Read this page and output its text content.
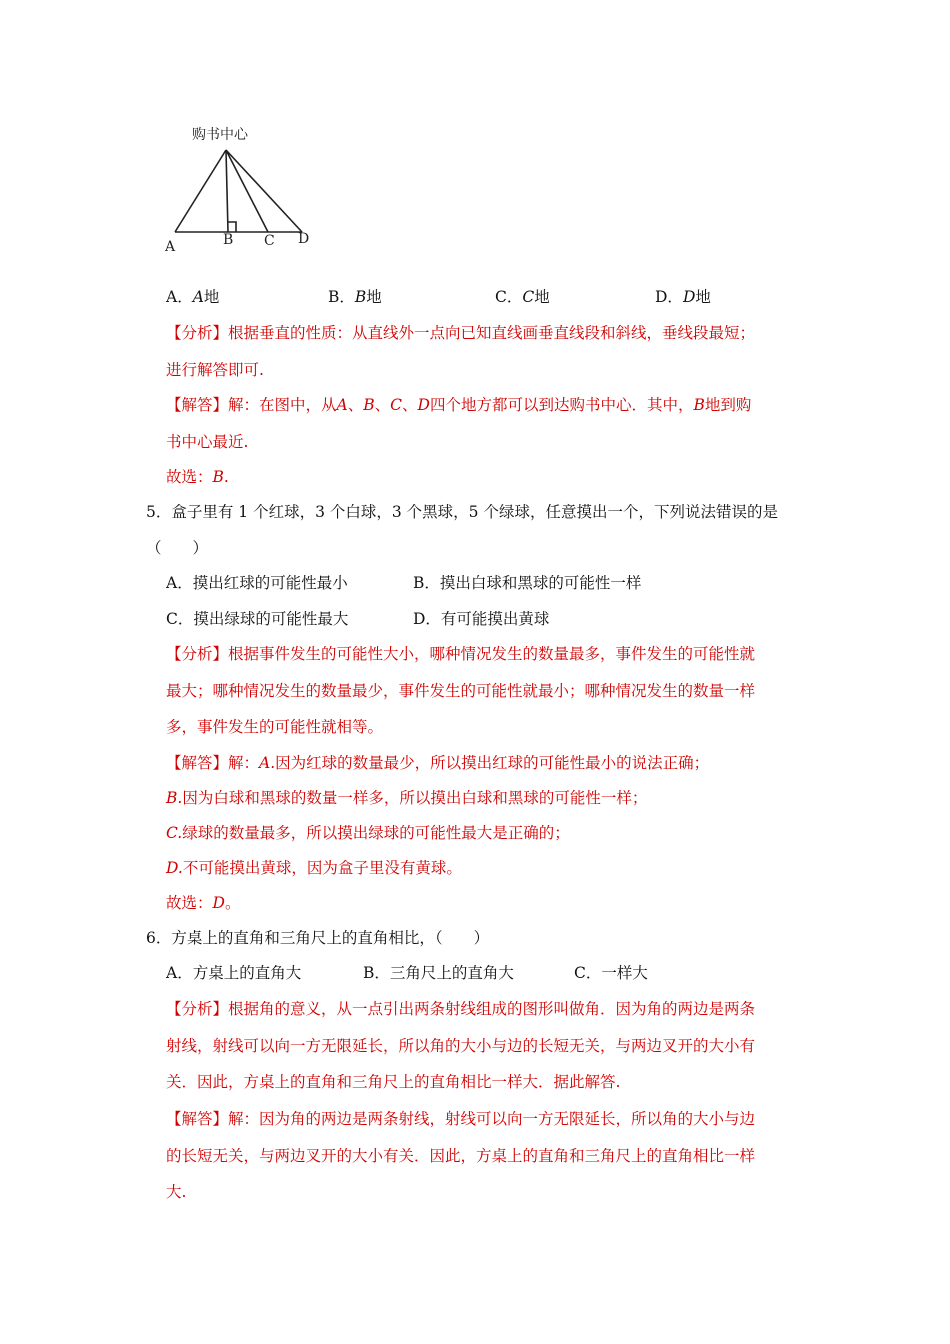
购书中心
A	B C D
A．A地	B．B地	C．C地	D．D地
【分析】根据垂直的性质：从直线外一点向已知直线画垂直线段和斜线，垂线段最短；
进行解答即可.
【解答】解：在图中，从A、B、C、D四个地方都可以到达购书中心．其中，B地到购
书中心最近.
故选：B.
5．盒子里有 1 个红球，3 个白球，3 个黑球，5 个绿球，任意摸出一个，下列说法错误的是
（　　）
A．摸出红球的可能性最小	B．摸出白球和黑球的可能性一样
C．摸出绿球的可能性最大	D．有可能摸出黄球
【分析】根据事件发生的可能性大小，哪种情况发生的数量最多，事件发生的可能性就
最大；哪种情况发生的数量最少，事件发生的可能性就最小；哪种情况发生的数量一样
多，事件发生的可能性就相等。
【解答】解：A.因为红球的数量最少，所以摸出红球的可能性最小的说法正确；
B.因为白球和黑球的数量一样多，所以摸出白球和黑球的可能性一样；
C.绿球的数量最多，所以摸出绿球的可能性最大是正确的；
D.不可能摸出黄球，因为盒子里没有黄球。
故选：D。
6．方桌上的直角和三角尺上的直角相比，（　　）
A．方桌上的直角大	B．三角尺上的直角大	C．一样大
【分析】根据角的意义，从一点引出两条射线组成的图形叫做角．因为角的两边是两条
射线，射线可以向一方无限延长，所以角的大小与边的长短无关，与两边叉开的大小有
关．因此，方桌上的直角和三角尺上的直角相比一样大．据此解答.
【解答】解：因为角的两边是两条射线，射线可以向一方无限延长，所以角的大小与边
的长短无关，与两边叉开的大小有关．因此，方桌上的直角和三角尺上的直角相比一样
大.
